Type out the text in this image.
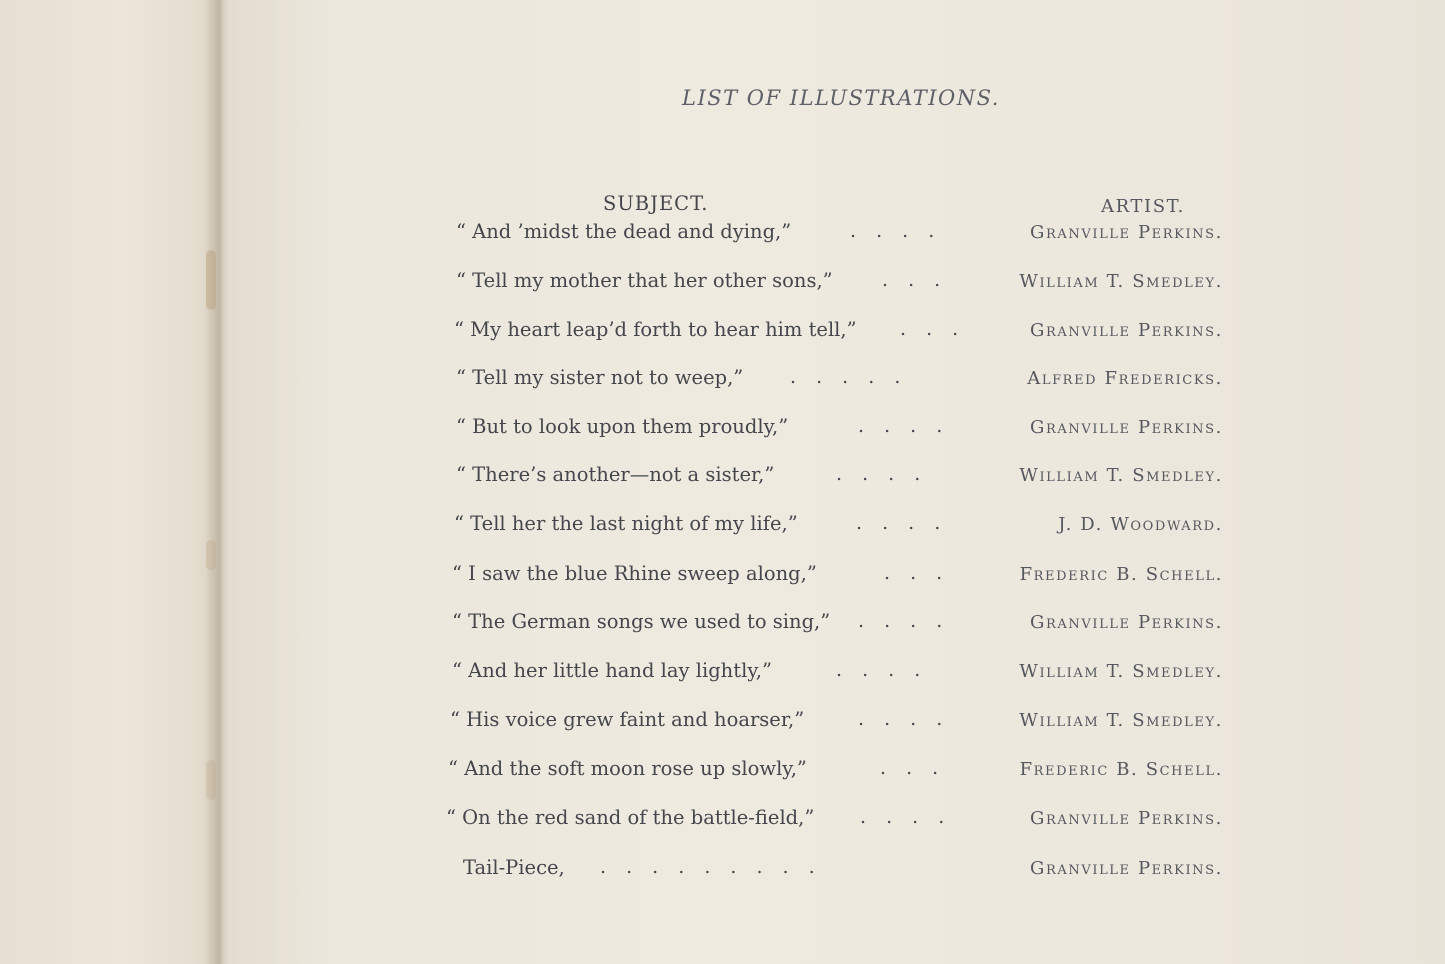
LIST OF ILLUSTRATIONS.
SUBJECT.	ARTIST.
“ And ’midst the dead and dying,”	. . . .	Granville Perkins.
“ Tell my mother that her other sons,”	. . .	William T. Smedley.
“ My heart leap’d forth to hear him tell,” . . .	Granville Perkins.
“ Tell my sister not to weep,” . . . . .	Alfred Fredericks.
“ But to look upon them proudly,”	. . . .	Granville Perkins.
“ There’s another—not a sister,”	. . . .	William T. Smedley.
“ Tell her the last night of my life,”	. . . .	J. D. Woodward.
“ I saw the blue Rhine sweep along,”	. . .	Frederic B. Schell.
“ The German songs we used to sing,” . . . .	Granville Perkins.
“ And her little hand lay lightly,”	. . . .	William T. Smedley.
“ His voice grew faint and hoarser,”	. . . .	William T. Smedley.
“ And the soft moon rose up slowly,”	. . .	Frederic B. Schell.
“ On the red sand of the battle-field,” . . . .	Granville Perkins.
Tail-Piece, . . . . . . . . .	Granville Perkins.
